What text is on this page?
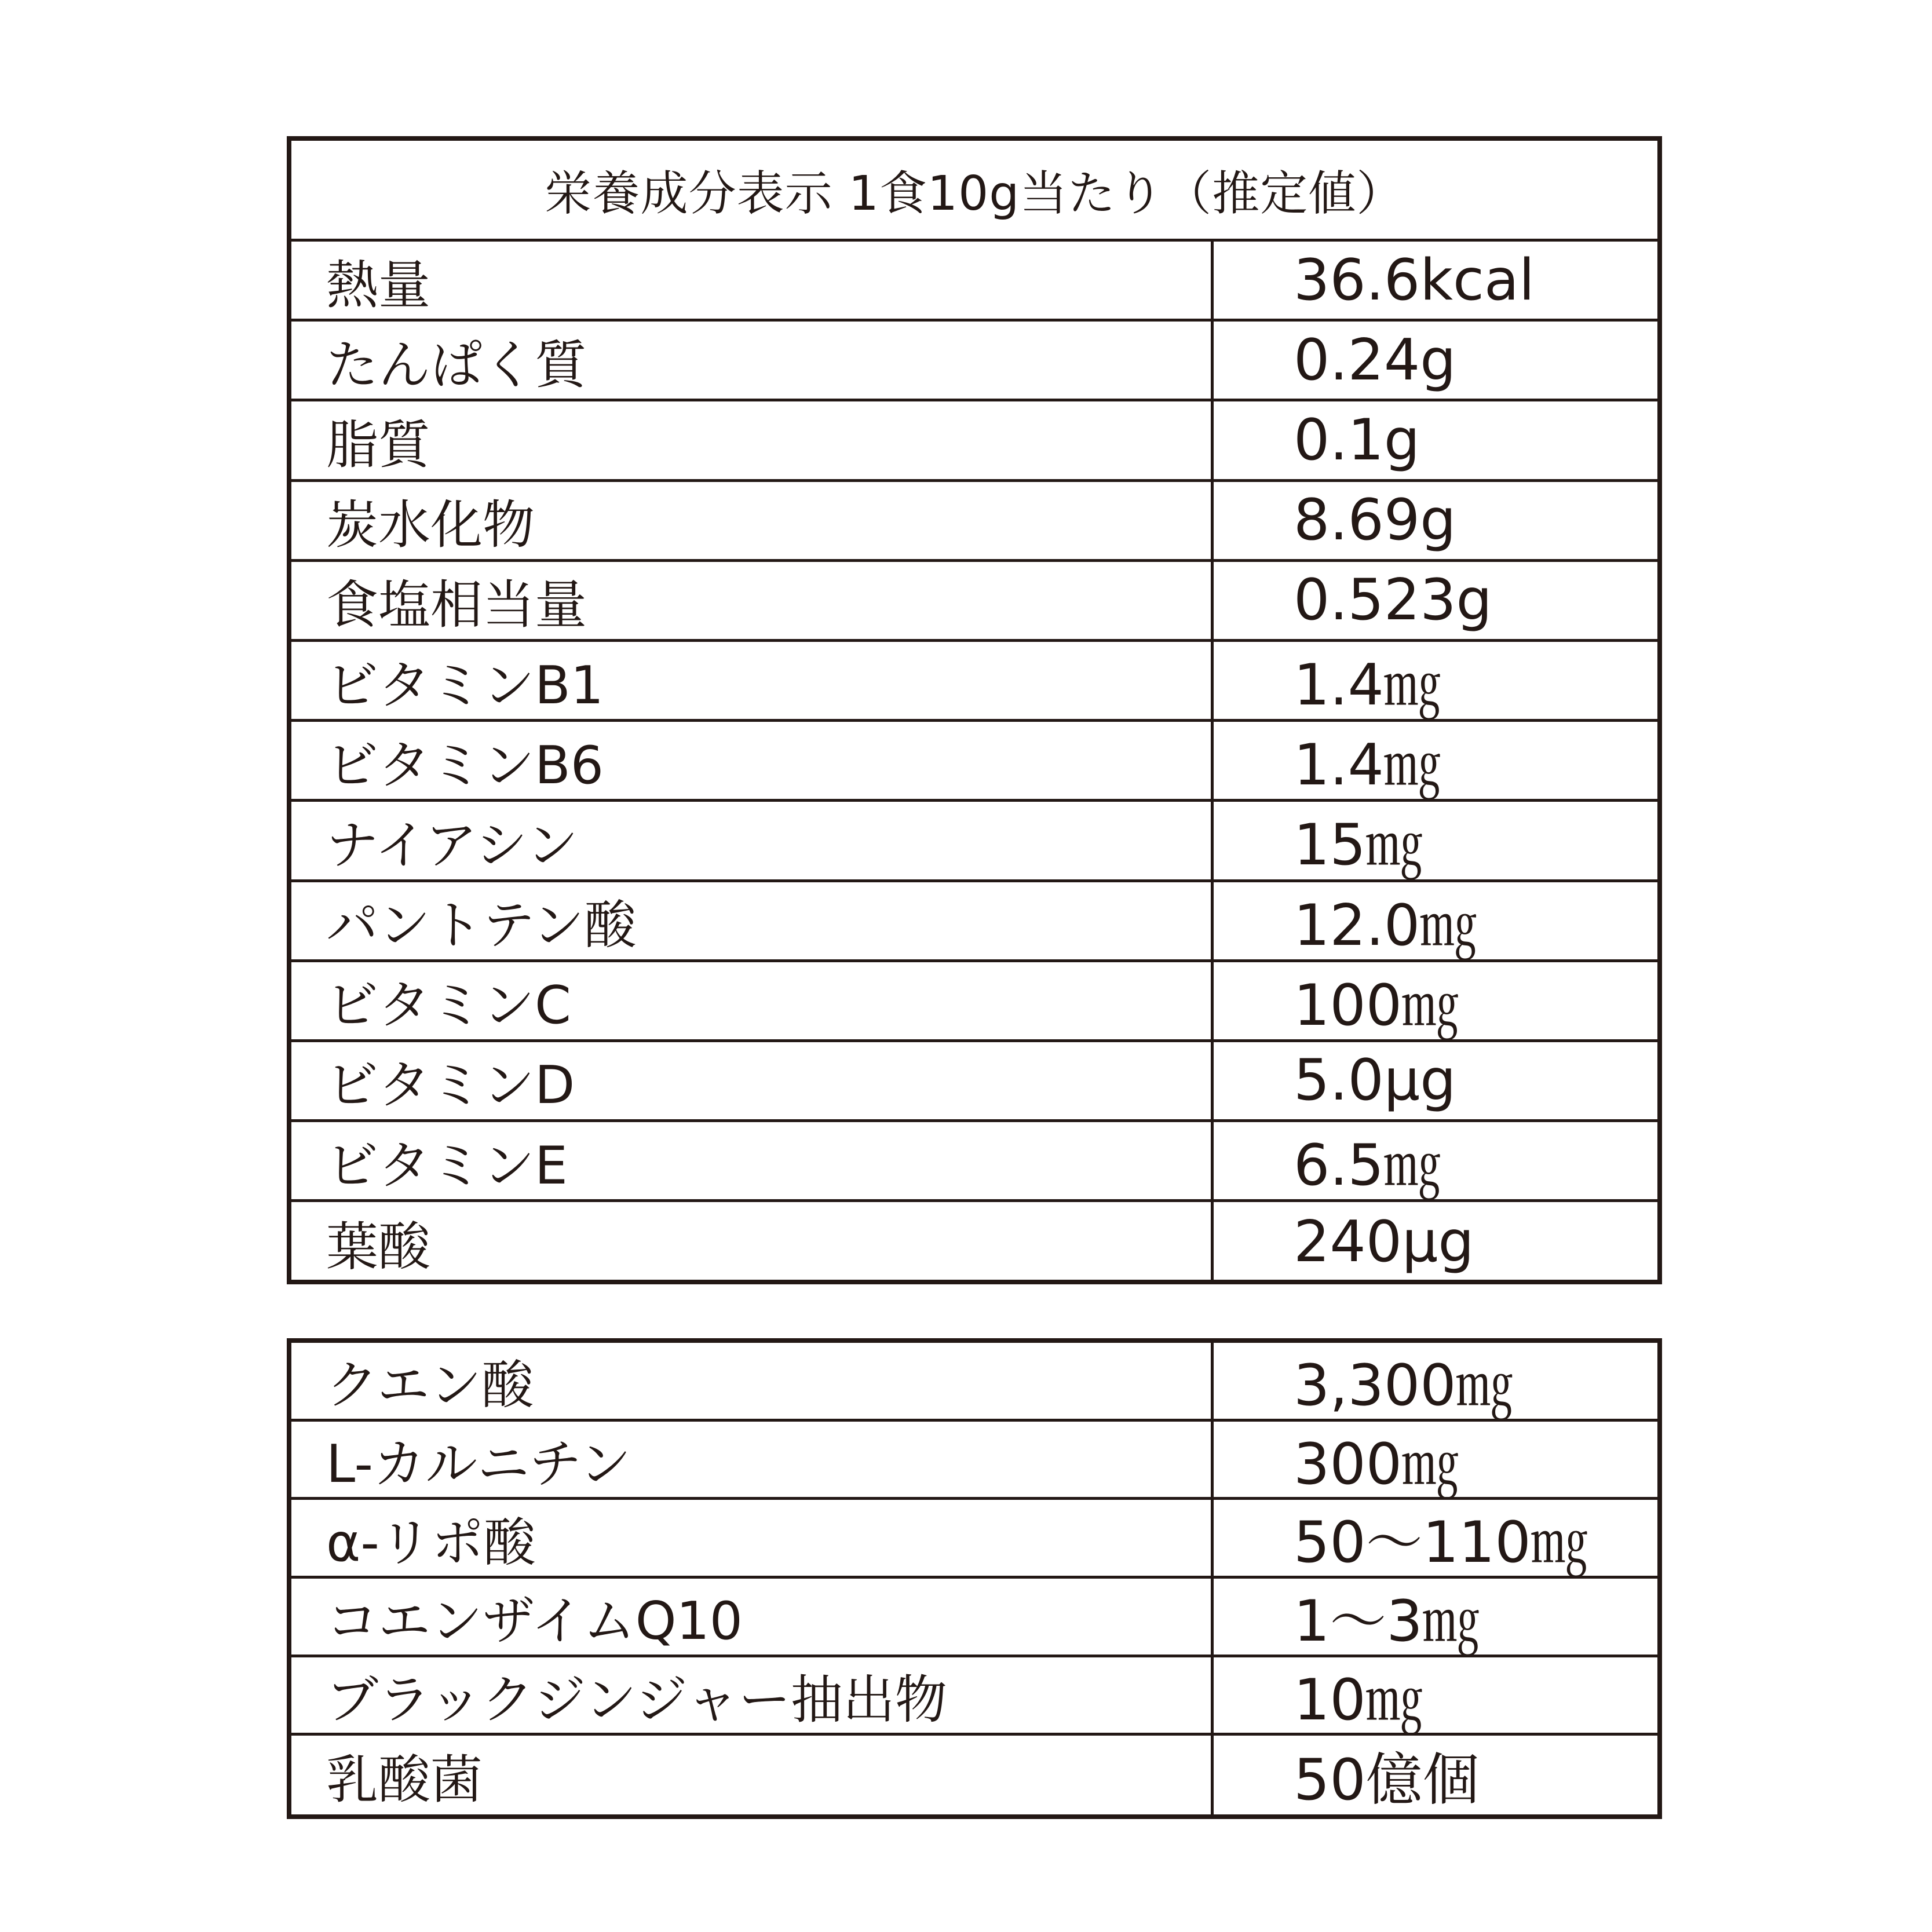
栄養成分表示 1食10g当たり（推定値）
熱量	36.6kcal
たんぱく質	0.24g
脂質	0.1g
炭水化物	8.69g
食塩相当量	0.523g
ビタミンB1	1.4㎎
ビタミンB6	1.4㎎
ナイアシン	15㎎
パントテン酸	12.0㎎
ビタミンC	100㎎
ビタミンD	5.0μg
ビタミンE	6.5㎎
葉酸	240μg
クエン酸	3,300㎎
L-カルニチン	300㎎
α-リポ酸	50～110㎎
コエンザイムQ10	1～3㎎
ブラックジンジャー抽出物	10㎎
乳酸菌	50億個
